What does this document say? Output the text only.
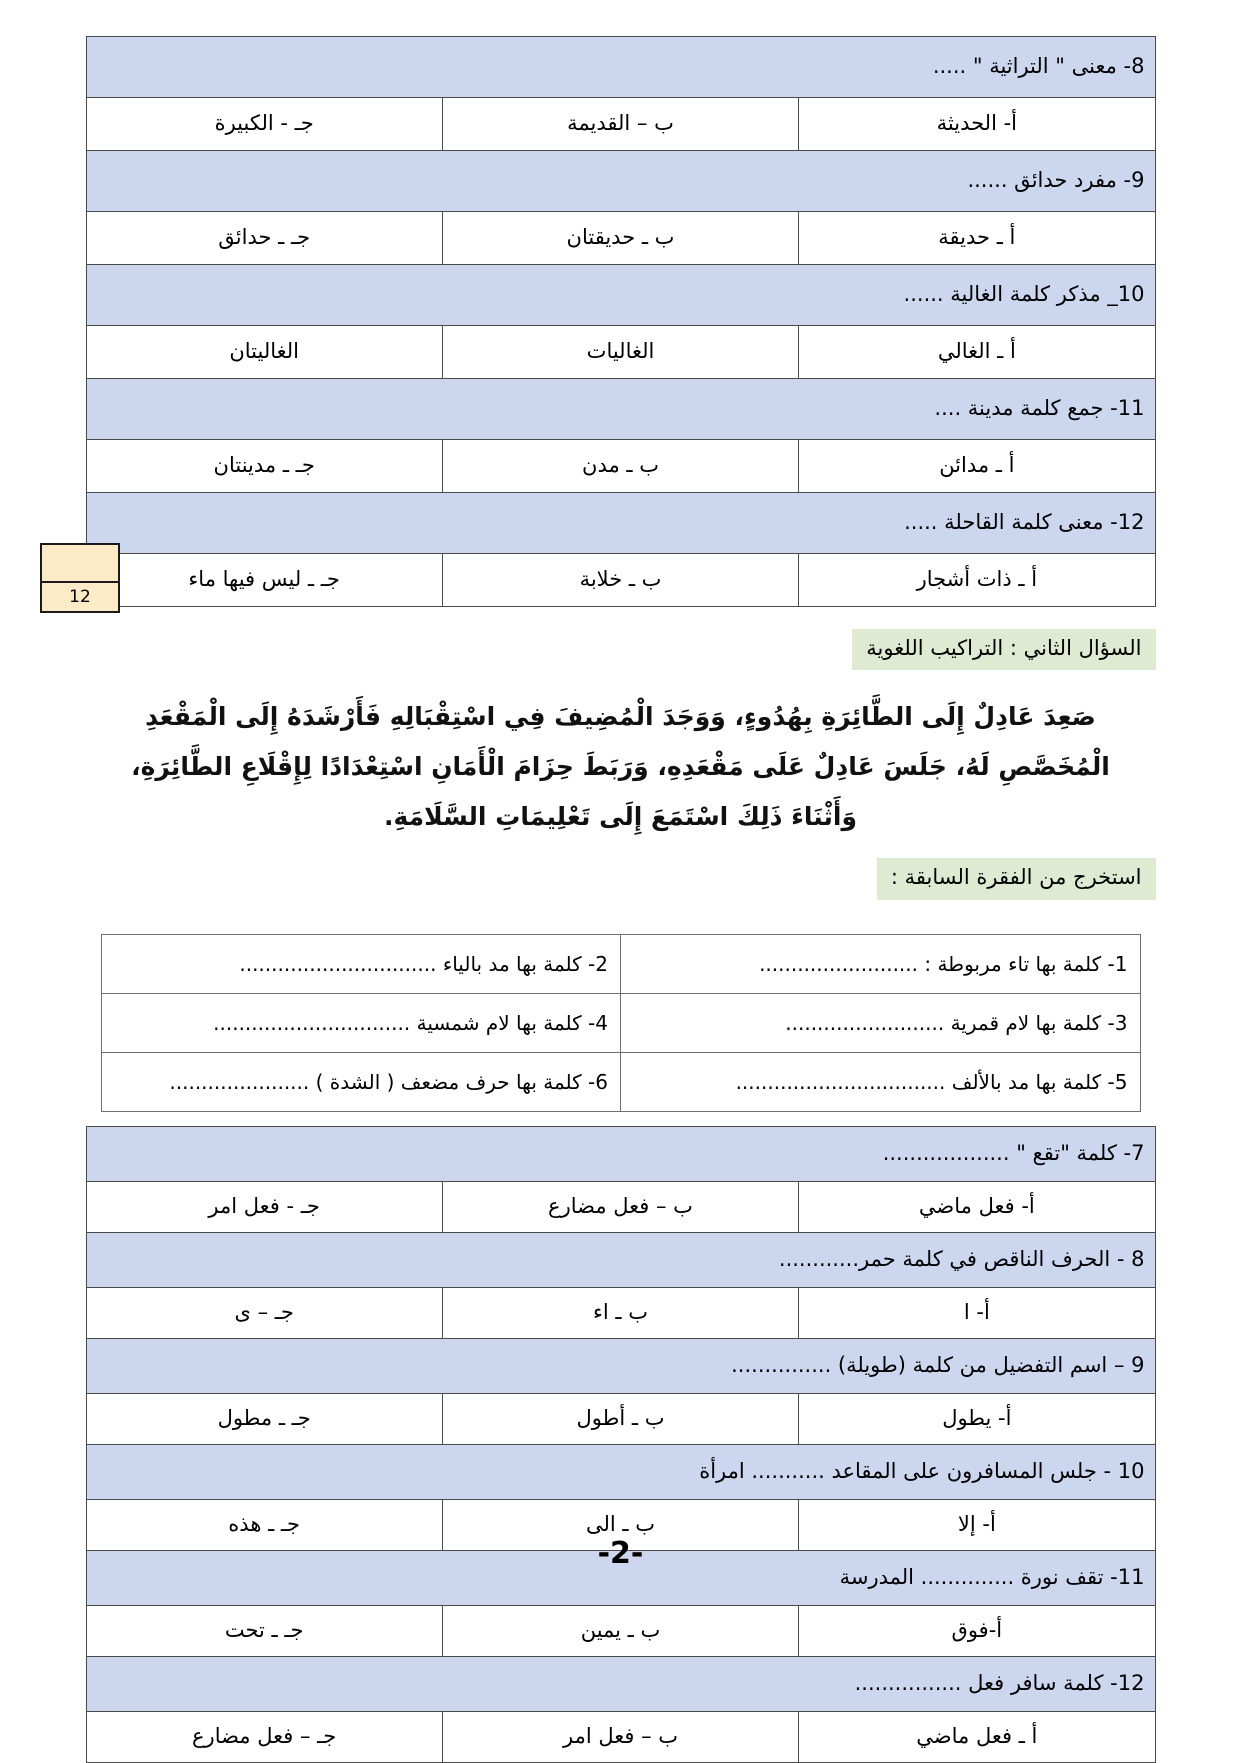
8- معنى " التراثية " .....		
أ- الحديثة	ب – القديمة	جـ - الكبيرة
9- مفرد حدائق ......		
أ ـ حديقة	ب ـ حديقتان	جـ ـ حدائق
10_ مذكر كلمة الغالية ......		
أ ـ الغالي	الغاليات	الغاليتان
11- جمع كلمة مدينة ....		
أ ـ مدائن	ب ـ مدن	جـ ـ مدينتان
12- معنى كلمة القاحلة .....		
أ ـ ذات أشجار	ب ـ خلابة	جـ ـ ليس فيها ماء
12
السؤال الثاني : التراكيب اللغوية
صَعِدَ عَادِلٌ إِلَى الطَّائِرَةِ بِهُدُوءٍ، وَوَجَدَ الْمُضِيفَ فِي اسْتِقْبَالِهِ فَأَرْشَدَهُ إِلَى الْمَقْعَدِ
الْمُخَصَّصِ لَهُ، جَلَسَ عَادِلٌ عَلَى مَقْعَدِهِ، وَرَبَطَ حِزَامَ الْأَمَانِ اسْتِعْدَادًا لِإِقْلَاعِ الطَّائِرَةِ،
وَأَثْنَاءَ ذَلِكَ اسْتَمَعَ إِلَى تَعْلِيمَاتِ السَّلَامَةِ.
استخرج من الفقرة السابقة :
1- كلمة بها تاء مربوطة : .........................	2- كلمة بها مد بالياء ...............................
3- كلمة بها لام قمرية .........................	4- كلمة بها لام شمسية ...............................
5- كلمة بها مد بالألف .................................	6- كلمة بها حرف مضعف ( الشدة ) ......................
7- كلمة "تقع " ...................		
أ- فعل ماضي	ب – فعل مضارع	جـ - فعل امر
8 - الحرف الناقص في كلمة حمر............		
أ- ا	ب ـ اء	جـ – ى
9 – اسم التفضيل من كلمة (طويلة) ...............		
أ- يطول	ب ـ أطول	جـ ـ مطول
10 - جلس المسافرون على المقاعد ........... امرأة		
أ- إلا	ب ـ الى	جـ ـ هذه
11- تقف نورة .............. المدرسة		
أ-فوق	ب ـ يمين	جـ ـ تحت
12- كلمة سافر فعل ................		
أ ـ فعل ماضي	ب – فعل امر	جـ – فعل مضارع
-2-
